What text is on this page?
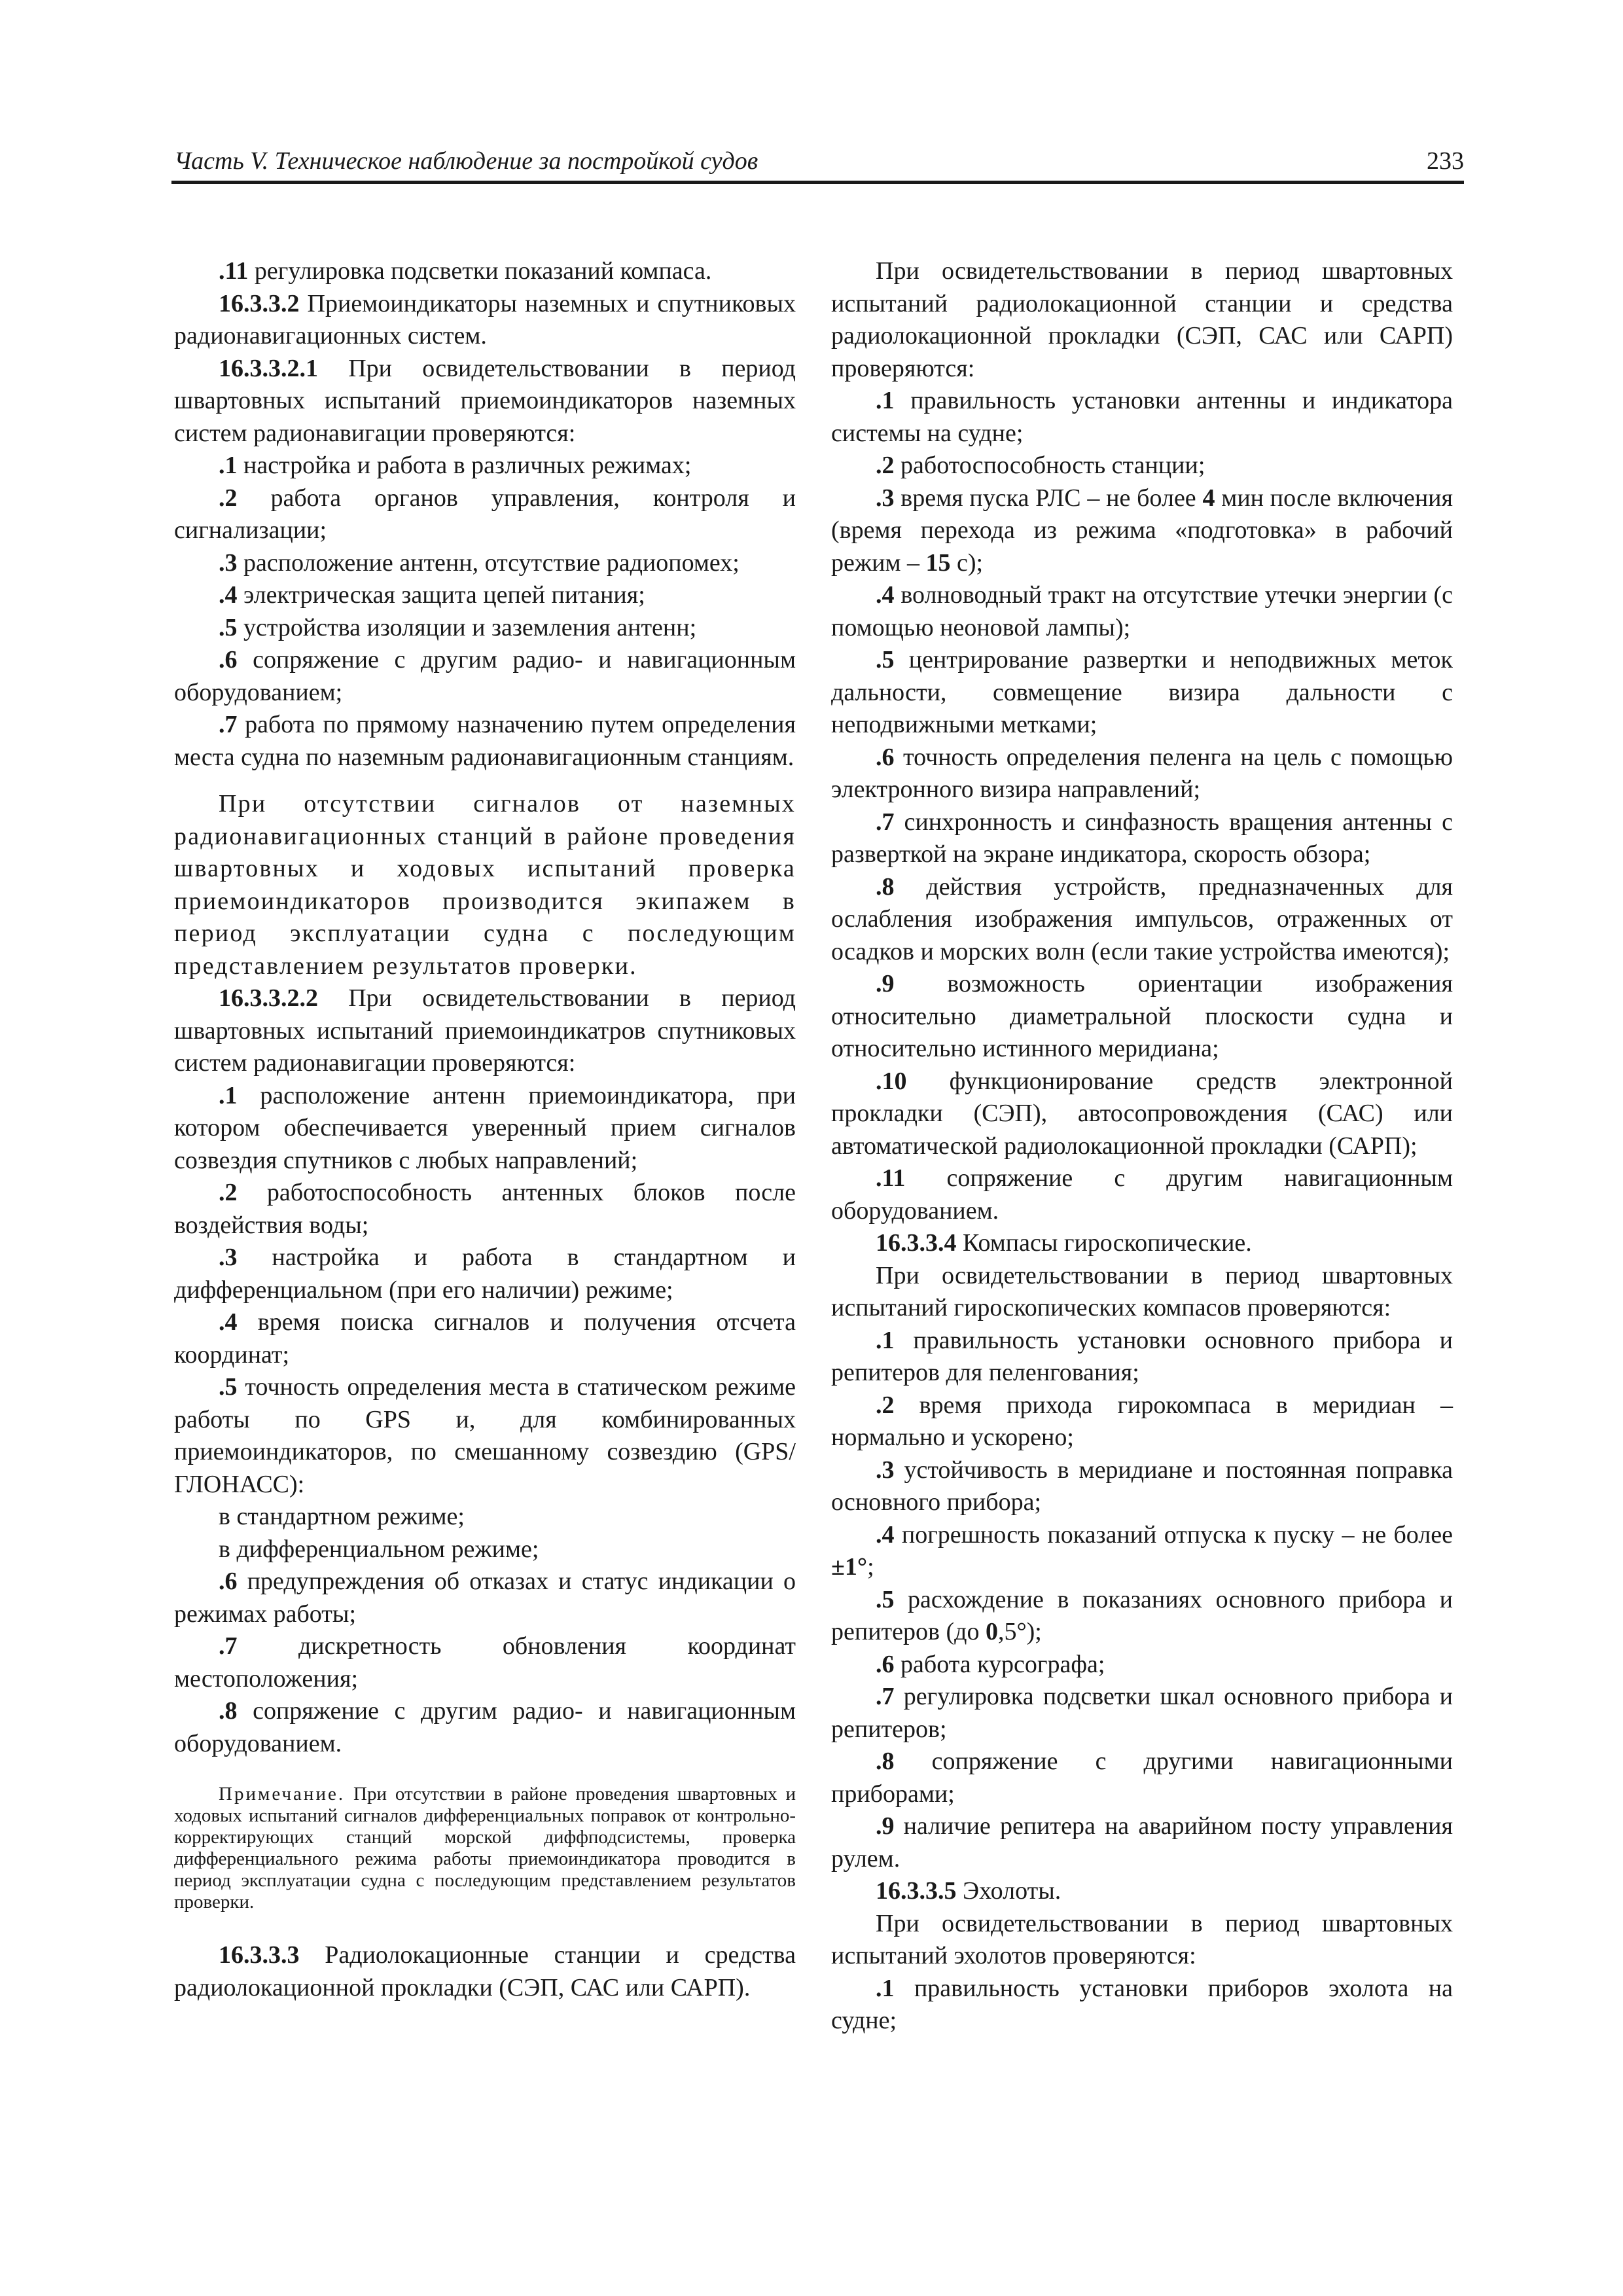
Часть V. Техническое наблюдение за постройкой судов	233

.11 регулировка подсветки показаний компаса.

16.3.3.2 Приемоиндикаторы наземных и спутниковых радионавигационных систем.

16.3.3.2.1 При освидетельствовании в период швартовных испытаний приемоиндикаторов наземных систем радионавигации проверяются:

.1 настройка и работа в различных режимах;

.2 работа органов управления, контроля и сигнализации;

.3 расположение антенн, отсутствие радиопомех;

.4 электрическая защита цепей питания;

.5 устройства изоляции и заземления антенн;

.6 сопряжение с другим радио- и навигационным оборудованием;

.7 работа по прямому назначению путем определения места судна по наземным радионавигационным станциям.

При отсутствии сигналов от наземных радионавигационных станций в районе проведения швартовных и ходовых испытаний проверка приемоиндикаторов производится экипажем в период эксплуатации судна с последующим представлением результатов проверки.

16.3.3.2.2 При освидетельствовании в период швартовных испытаний приемоиндикатров спутниковых систем радионавигации проверяются:

.1 расположение антенн приемоиндикатора, при котором обеспечивается уверенный прием сигналов созвездия спутников с любых направлений;

.2 работоспособность антенных блоков после воздействия воды;

.3 настройка и работа в стандартном и дифференциальном (при его наличии) режиме;

.4 время поиска сигналов и получения отсчета координат;

.5 точность определения места в статическом режиме работы по GPS и, для комбинированных приемоиндикаторов, по смешанному созвездию (GPS/ГЛОНАСС):

в стандартном режиме;

в дифференциальном режиме;

.6 предупреждения об отказах и статус индикации о режимах работы;

.7 дискретность обновления координат местоположения;

.8 сопряжение с другим радио- и навигационным оборудованием.

Примечание. При отсутствии в районе проведения швартовных и ходовых испытаний сигналов дифференциальных поправок от контрольно-корректирующих станций морской диффподсистемы, проверка дифференциального режима работы приемоиндикатора проводится в период эксплуатации судна с последующим представлением результатов проверки.

16.3.3.3 Радиолокационные станции и средства радиолокационной прокладки (СЭП, САС или САРП).

При освидетельствовании в период швартовных испытаний радиолокационной станции и средства радиолокационной прокладки (СЭП, САС или САРП) проверяются:

.1 правильность установки антенны и индикатора системы на судне;

.2 работоспособность станции;

.3 время пуска РЛС – не более 4 мин после включения (время перехода из режима «подготовка» в рабочий режим – 15 с);

.4 волноводный тракт на отсутствие утечки энергии (с помощью неоновой лампы);

.5 центрирование развертки и неподвижных меток дальности, совмещение визира дальности с неподвижными метками;

.6 точность определения пеленга на цель с помощью электронного визира направлений;

.7 синхронность и синфазность вращения антенны с разверткой на экране индикатора, скорость обзора;

.8 действия устройств, предназначенных для ослабления изображения импульсов, отраженных от осадков и морских волн (если такие устройства имеются);

.9 возможность ориентации изображения относительно диаметральной плоскости судна и относительно истинного меридиана;

.10 функционирование средств электронной прокладки (СЭП), автосопровождения (САС) или автоматической радиолокационной прокладки (САРП);

.11 сопряжение с другим навигационным оборудованием.

16.3.3.4 Компасы гироскопические.

При освидетельствовании в период швартовных испытаний гироскопических компасов проверяются:

.1 правильность установки основного прибора и репитеров для пеленгования;

.2 время прихода гирокомпаса в меридиан – нормально и ускорено;

.3 устойчивость в меридиане и постоянная поправка основного прибора;

.4 погрешность показаний отпуска к пуску – не более ±1°;

.5 расхождение в показаниях основного прибора и репитеров (до 0,5°);

.6 работа курсографа;

.7 регулировка подсветки шкал основного прибора и репитеров;

.8 сопряжение с другими навигационными приборами;

.9 наличие репитера на аварийном посту управления рулем.

16.3.3.5 Эхолоты.

При освидетельствовании в период швартовных испытаний эхолотов проверяются:

.1 правильность установки приборов эхолота на судне;
